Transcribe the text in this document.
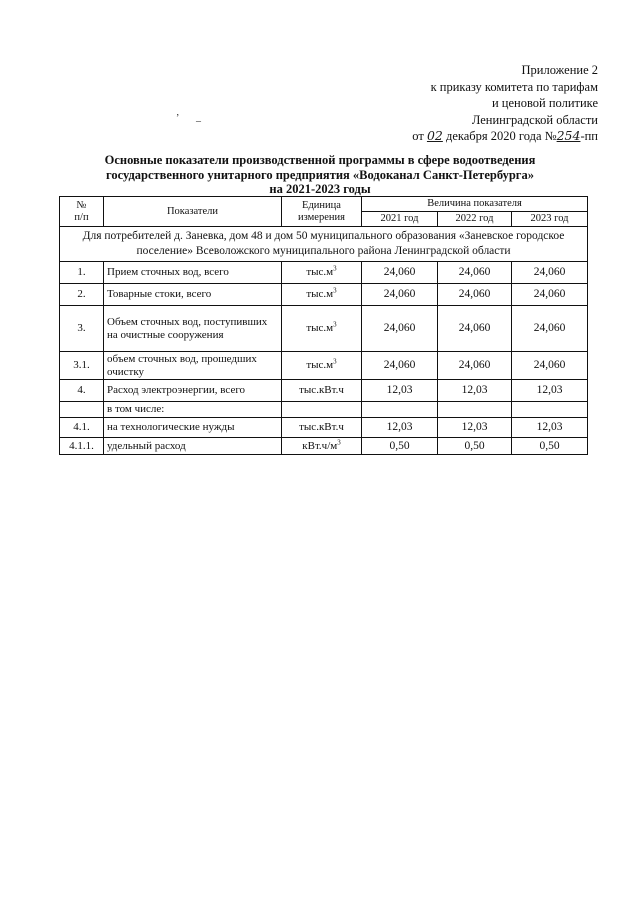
Приложение 2
к приказу комитета по тарифам
и ценовой политике
Ленинградской области
от 02 декабря 2020 года №254-пп
ʼ –
Основные показатели производственной программы в сфере водоотведения
государственного унитарного предприятия «Водоканал Санкт-Петербурга»
на 2021-2023 годы
№
п/п	Показатели	Единица измерения	Величина показателя		
			2021 год	2022 год	2023 год
Для потребителей д. Заневка, дом 48 и дом 50 муниципального образования «Заневское городское поселение» Всеволожского муниципального района Ленинградской области					
1.	Прием сточных вод, всего	$тыс.м^3$	24,060	24,060	24,060
2.	Товарные стоки, всего	$тыс.м^3$	24,060	24,060	24,060
3.	Объем сточных вод, поступивших на очистные сооружения	$тыс.м^3$	24,060	24,060	24,060
3.1.	объем сточных вод, прошедших очистку	$тыс.м^3$	24,060	24,060	24,060
4.	Расход электроэнергии, всего	тыс.кВт.ч	12,03	12,03	12,03
	в том числе:				
4.1.	на технологические нужды	тыс.кВт.ч	12,03	12,03	12,03
4.1.1.	удельный расход	$кВт.ч/м^3$	0,50	0,50	0,50
